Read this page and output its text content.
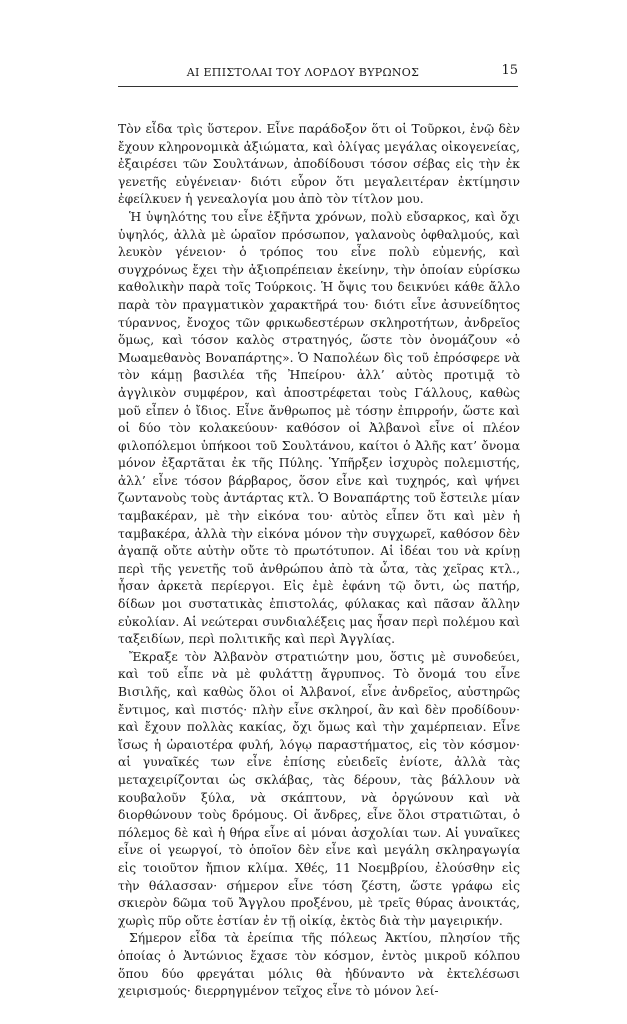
ΑΙ ΕΠΙΣΤΟΛΑΙ ΤΟΥ ΛΟΡΔΟΥ ΒΥΡΩΝΟΣ	15

Τὸν εἶδα τρὶς ὕστερον. Εἶνε παράδοξον ὅτι οἱ Τοῦρκοι, ἐνῷ δὲν ἔχουν κληρονομικὰ ἀξιώματα, καὶ ὀλίγας μεγάλας οἰκογενείας, ἐξαιρέσει τῶν Σουλτάνων, ἀποδίδουσι τόσον σέβας εἰς τὴν ἐκ γενετῆς εὐγένειαν· διότι εὗρον ὅτι μεγαλειτέραν ἐκτίμησιν ἐφείλκυεν ἡ γενεαλογία μου ἀπὸ τὸν τίτλον μου.

Ἡ ὑψηλότης του εἶνε ἑξῆντα χρόνων, πολὺ εὔσαρκος, καὶ ὄχι ὑψηλός, ἀλλὰ μὲ ὡραῖον πρόσωπον, γαλανοὺς ὀφθαλμούς, καὶ λευκὸν γένειον· ὁ τρόπος του εἶνε πολὺ εὐμενής, καὶ συγχρόνως ἔχει τὴν ἀξιοπρέπειαν ἐκείνην, τὴν ὁποίαν εὑρίσκω καθολικὴν παρὰ τοῖς Τούρκοις. Ἡ ὄψις του δεικνύει κάθε ἄλλο παρὰ τὸν πραγματικὸν χαρακτῆρά του· διότι εἶνε ἀσυνείδητος τύραννος, ἔνοχος τῶν φρικωδεστέρων σκληροτήτων, ἀνδρεῖος ὅμως, καὶ τόσον καλὸς στρατηγός, ὥστε τὸν ὀνομάζουν «ὁ Μωαμεθανὸς Βοναπάρτης». Ὁ Ναπολέων δὶς τοῦ ἐπρόσφερε νὰ τὸν κάμῃ βασιλέα τῆς Ἠπείρου· ἀλλ’ αὐτὸς προτιμᾷ τὸ ἀγγλικὸν συμφέρον, καὶ ἀποστρέφεται τοὺς Γάλλους, καθὼς μοῦ εἶπεν ὁ ἴδιος. Εἶνε ἄνθρωπος μὲ τόσην ἐπιρροήν, ὥστε καὶ οἱ δύο τὸν κολακεύουν· καθόσον οἱ Ἀλβανοὶ εἶνε οἱ πλέον φιλοπόλεμοι ὑπήκοοι τοῦ Σουλτάνου, καίτοι ὁ Ἀλῆς κατ’ ὄνομα μόνον ἐξαρτᾶται ἐκ τῆς Πύλης. Ὑπῆρξεν ἰσχυρὸς πολεμιστής, ἀλλ’ εἶνε τόσον βάρβαρος, ὅσον εἶνε καὶ τυχηρός, καὶ ψήνει ζωντανοὺς τοὺς ἀντάρτας κτλ. Ὁ Βοναπάρτης τοῦ ἔστειλε μίαν ταμβακέραν, μὲ τὴν εἰκόνα του· αὐτὸς εἶπεν ὅτι καὶ μὲν ἡ ταμβακέρα, ἀλλὰ τὴν εἰκόνα μόνον τὴν συγχωρεῖ, καθόσον δὲν ἀγαπᾷ οὔτε αὐτὴν οὔτε τὸ πρωτότυπον. Αἱ ἰδέαι του νὰ κρίνῃ περὶ τῆς γενετῆς τοῦ ἀνθρώπου ἀπὸ τὰ ὦτα, τὰς χεῖρας κτλ., ἦσαν ἀρκετὰ περίεργοι. Εἰς ἐμὲ ἐφάνη τῷ ὄντι, ὡς πατήρ, δίδων μοι συστατικὰς ἐπιστολάς, φύλακας καὶ πᾶσαν ἄλλην εὐκολίαν. Αἱ νεώτεραι συνδιαλέξεις μας ἦσαν περὶ πολέμου καὶ ταξειδίων, περὶ πολιτικῆς καὶ περὶ Ἀγγλίας.

Ἔκραξε τὸν Ἀλβανὸν στρατιώτην μου, ὅστις μὲ συνοδεύει, καὶ τοῦ εἶπε νὰ μὲ φυλάττῃ ἄγρυπνος. Τὸ ὄνομά του εἶνε Βισιλῆς, καὶ καθὼς ὅλοι οἱ Ἀλβανοί, εἶνε ἀνδρεῖος, αὐστηρῶς ἔντιμος, καὶ πιστός· πλὴν εἶνε σκληροί, ἂν καὶ δὲν προδίδουν· καὶ ἔχουν πολλὰς κακίας, ὄχι ὅμως καὶ τὴν χαμέρπειαν. Εἶνε ἴσως ἡ ὡραιοτέρα φυλή, λόγῳ παραστήματος, εἰς τὸν κόσμον· αἱ γυναῖκές των εἶνε ἐπίσης εὐειδεῖς ἐνίοτε, ἀλλὰ τὰς μεταχειρίζονται ὡς σκλάβας, τὰς δέρουν, τὰς βάλλουν νὰ κουβαλοῦν ξύλα, νὰ σκάπτουν, νὰ ὀργώνουν καὶ νὰ διορθώνουν τοὺς δρόμους. Οἱ ἄνδρες, εἶνε ὅλοι στρατιῶται, ὁ πόλεμος δὲ καὶ ἡ θήρα εἶνε αἱ μόναι ἀσχολίαι των. Αἱ γυναῖκες εἶνε οἱ γεωργοί, τὸ ὁποῖον δὲν εἶνε καὶ μεγάλη σκληραγωγία εἰς τοιοῦτον ἤπιον κλίμα. Χθές, 11 Νοεμβρίου, ἐλούσθην εἰς τὴν θάλασσαν· σήμερον εἶνε τόση ζέστη, ὥστε γράφω εἰς σκιερὸν δῶμα τοῦ Ἄγγλου προξένου, μὲ τρεῖς θύρας ἀνοικτάς, χωρὶς πῦρ οὔτε ἑστίαν ἐν τῇ οἰκίᾳ, ἐκτὸς διὰ τὴν μαγειρικήν.

Σήμερον εἶδα τὰ ἐρείπια τῆς πόλεως Ἀκτίου, πλησίον τῆς ὁποίας ὁ Ἀντώνιος ἔχασε τὸν κόσμον, ἐντὸς μικροῦ κόλπου ὅπου δύο φρεγάται μόλις θὰ ἠδύναντο νὰ ἐκτελέσωσι χειρισμούς· διερρηγμένον τεῖχος εἶνε τὸ μόνον λεί-
